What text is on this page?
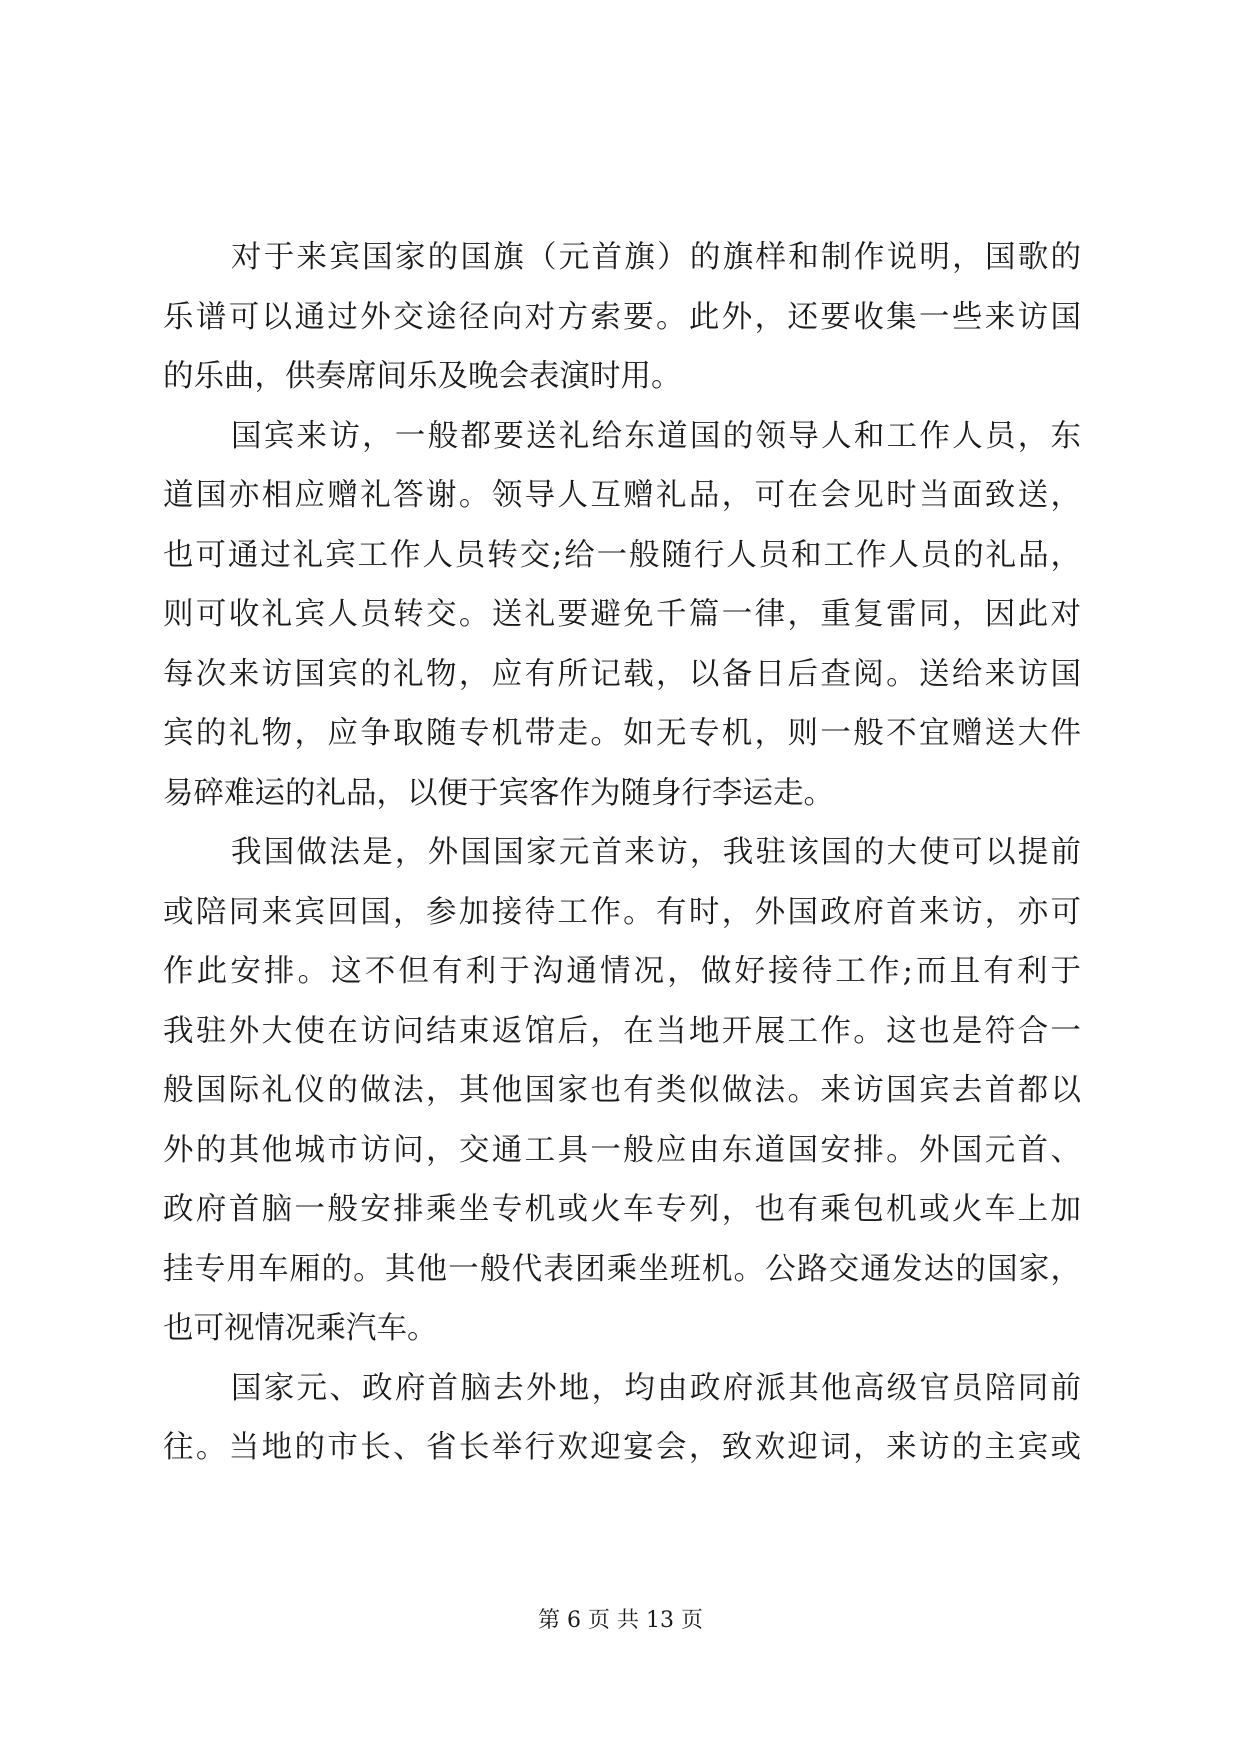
对于来宾国家的国旗（元首旗）的旗样和制作说明，国歌的
乐谱可以通过外交途径向对方索要。此外，还要收集一些来访国
的乐曲，供奏席间乐及晚会表演时用。
国宾来访，一般都要送礼给东道国的领导人和工作人员，东
道国亦相应赠礼答谢。领导人互赠礼品，可在会见时当面致送，
也可通过礼宾工作人员转交;给一般随行人员和工作人员的礼品，
则可收礼宾人员转交。送礼要避免千篇一律，重复雷同，因此对
每次来访国宾的礼物，应有所记载，以备日后查阅。送给来访国
宾的礼物，应争取随专机带走。如无专机，则一般不宜赠送大件
易碎难运的礼品，以便于宾客作为随身行李运走。
我国做法是，外国国家元首来访，我驻该国的大使可以提前
或陪同来宾回国，参加接待工作。有时，外国政府首来访，亦可
作此安排。这不但有利于沟通情况，做好接待工作;而且有利于
我驻外大使在访问结束返馆后，在当地开展工作。这也是符合一
般国际礼仪的做法，其他国家也有类似做法。来访国宾去首都以
外的其他城市访问，交通工具一般应由东道国安排。外国元首、
政府首脑一般安排乘坐专机或火车专列，也有乘包机或火车上加
挂专用车厢的。其他一般代表团乘坐班机。公路交通发达的国家，
也可视情况乘汽车。
国家元、政府首脑去外地，均由政府派其他高级官员陪同前
往。当地的市长、省长举行欢迎宴会，致欢迎词，来访的主宾或
第 6 页 共 13 页
